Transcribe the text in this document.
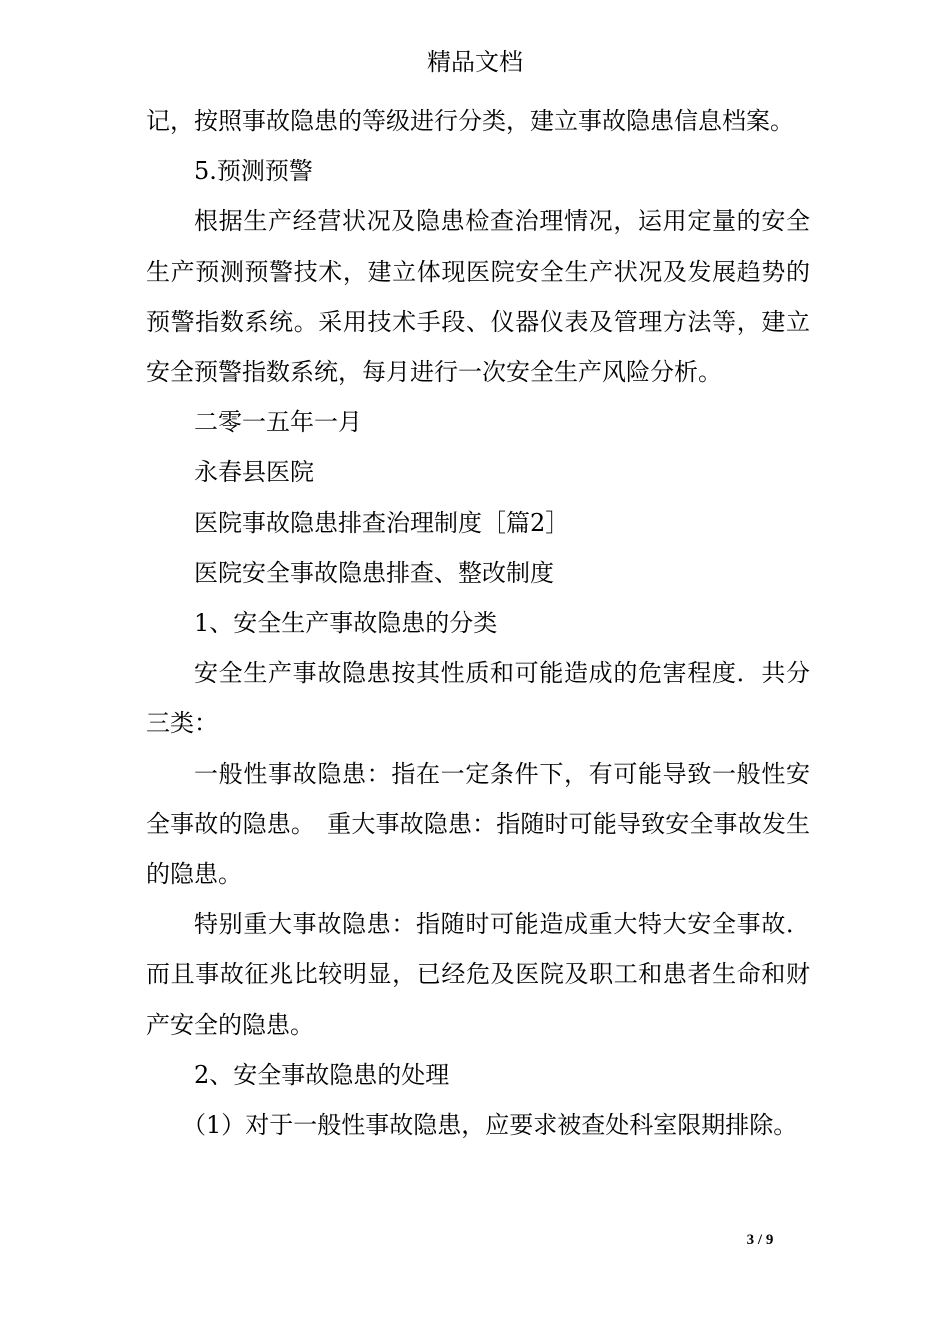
精品文档

记，按照事故隐患的等级进行分类，建立事故隐患信息档案。

5.预测预警

根据生产经营状况及隐患检查治理情况，运用定量的安全生产预测预警技术，建立体现医院安全生产状况及发展趋势的预警指数系统。采用技术手段、仪器仪表及管理方法等，建立安全预警指数系统，每月进行一次安全生产风险分析。

二零一五年一月

永春县医院

医院事故隐患排查治理制度［篇2］

医院安全事故隐患排查、整改制度

1、安全生产事故隐患的分类

安全生产事故隐患按其性质和可能造成的危害程度．共分三类：

一般性事故隐患：指在一定条件下，有可能导致一般性安全事故的隐患。　重大事故隐患：指随时可能导致安全事故发生的隐患。

特别重大事故隐患：指随时可能造成重大特大安全事故．而且事故征兆比较明显，已经危及医院及职工和患者生命和财产安全的隐患。

2、安全事故隐患的处理

（1）对于一般性事故隐患，应要求被查处科室限期排除。

3 / 9
